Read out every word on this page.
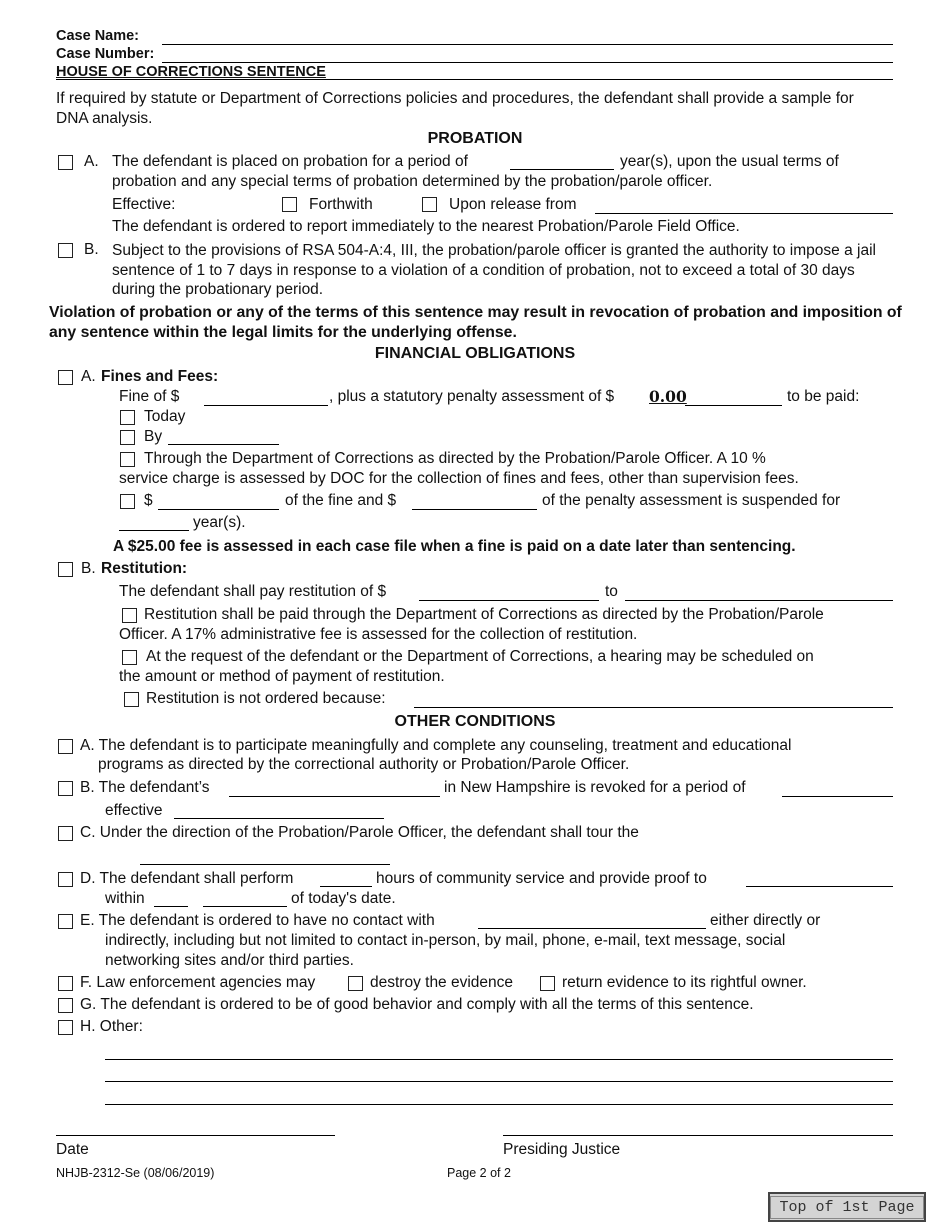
Case Name:
Case Number:
HOUSE OF CORRECTIONS SENTENCE
If required by statute or Department of Corrections policies and procedures, the defendant shall provide a sample for DNA analysis.
PROBATION
A. The defendant is placed on probation for a period of	year(s), upon the usual terms of
probation and any special terms of probation determined by the probation/parole officer.
Effective:	Forthwith	Upon release from
The defendant is ordered to report immediately to the nearest Probation/Parole Field Office.
B. Subject to the provisions of RSA 504-A:4, III, the probation/parole officer is granted the authority to impose a jail sentence of 1 to 7 days in response to a violation of a condition of probation, not to exceed a total of 30 days during the probationary period.
Violation of probation or any of the terms of this sentence may result in revocation of probation and imposition of any sentence within the legal limits for the underlying offense.
FINANCIAL OBLIGATIONS
A. Fines and Fees:
Fine of $	, plus a statutory penalty assessment of $ 0.00	to be paid:
Today
By
Through the Department of Corrections as directed by the Probation/Parole Officer. A 10 %
service charge is assessed by DOC for the collection of fines and fees, other than supervision fees.
$	of the fine and $	of the penalty assessment is suspended for
year(s).
A $25.00 fee is assessed in each case file when a fine is paid on a date later than sentencing.
B. Restitution:
The defendant shall pay restitution of $	to
Restitution shall be paid through the Department of Corrections as directed by the Probation/Parole
Officer. A 17% administrative fee is assessed for the collection of restitution.
At the request of the defendant or the Department of Corrections, a hearing may be scheduled on
the amount or method of payment of restitution.
Restitution is not ordered because:
OTHER CONDITIONS
A. The defendant is to participate meaningfully and complete any counseling, treatment and educational
programs as directed by the correctional authority or Probation/Parole Officer.
B. The defendant’s	in New Hampshire is revoked for a period of
effective
C. Under the direction of the Probation/Parole Officer, the defendant shall tour the
D. The defendant shall perform	hours of community service and provide proof to
within	of today's date.
E. The defendant is ordered to have no contact with	either directly or
indirectly, including but not limited to contact in-person, by mail, phone, e-mail, text message, social
networking sites and/or third parties.
F. Law enforcement agencies may	destroy the evidence	return evidence to its rightful owner.
G. The defendant is ordered to be of good behavior and comply with all the terms of this sentence.
H. Other:
Date	Presiding Justice
NHJB-2312-Se (08/06/2019)	Page 2 of 2
Top of 1st Page
